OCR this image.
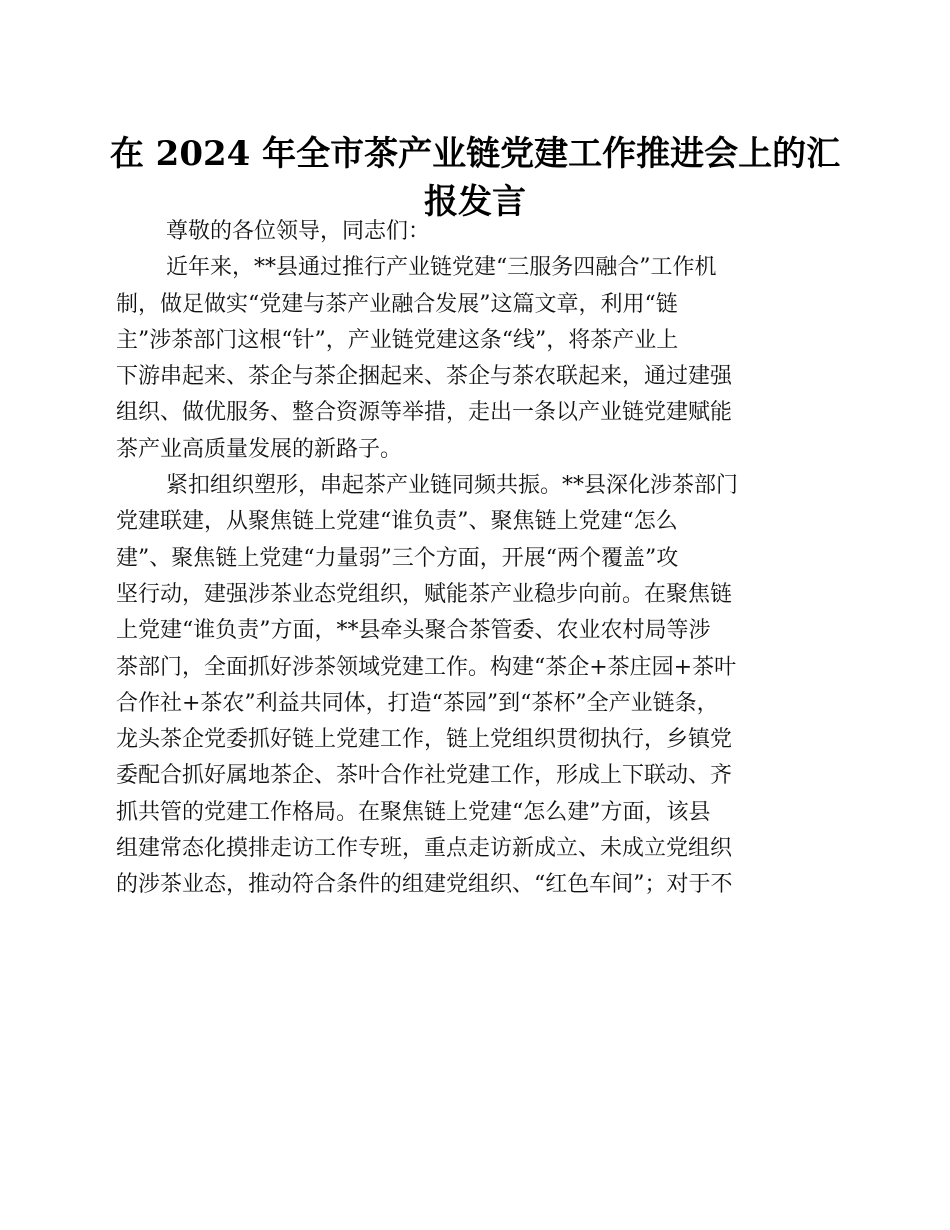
在 2024 年全市茶产业链党建工作推进会上的汇
报发言
尊敬的各位领导，同志们：
近年来，**县通过推行产业链党建“三服务四融合”工作机
制，做足做实“党建与茶产业融合发展”这篇文章，利用“链
主”涉茶部门这根“针”，产业链党建这条“线”，将茶产业上
下游串起来、茶企与茶企捆起来、茶企与茶农联起来，通过建强
组织、做优服务、整合资源等举措，走出一条以产业链党建赋能
茶产业高质量发展的新路子。
紧扣组织塑形，串起茶产业链同频共振。**县深化涉茶部门
党建联建，从聚焦链上党建“谁负责”、聚焦链上党建“怎么
建”、聚焦链上党建“力量弱”三个方面，开展“两个覆盖”攻
坚行动，建强涉茶业态党组织，赋能茶产业稳步向前。在聚焦链
上党建“谁负责”方面，**县牵头聚合茶管委、农业农村局等涉
茶部门，全面抓好涉茶领域党建工作。构建“茶企+茶庄园+茶叶
合作社+茶农”利益共同体，打造“茶园”到“茶杯”全产业链条，
龙头茶企党委抓好链上党建工作，链上党组织贯彻执行，乡镇党
委配合抓好属地茶企、茶叶合作社党建工作，形成上下联动、齐
抓共管的党建工作格局。在聚焦链上党建“怎么建”方面，该县
组建常态化摸排走访工作专班，重点走访新成立、未成立党组织
的涉茶业态，推动符合条件的组建党组织、“红色车间”；对于不
